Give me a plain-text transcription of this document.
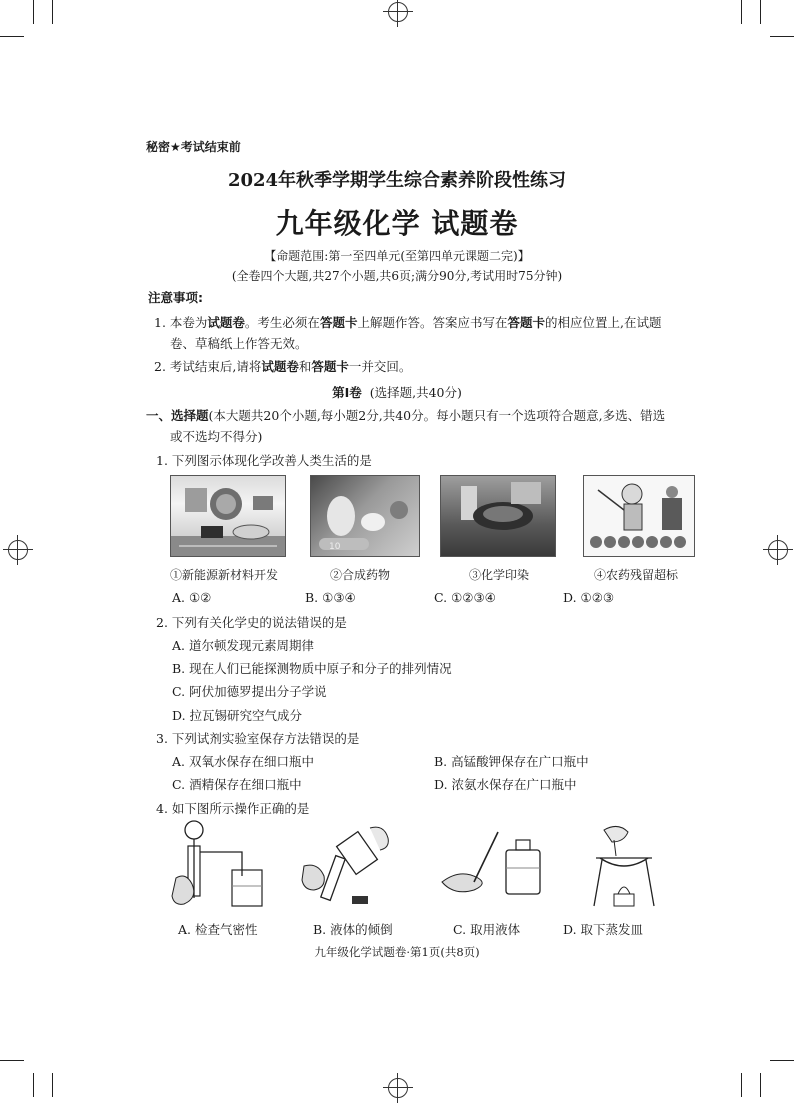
秘密★考试结束前
2024年秋季学期学生综合素养阶段性练习
九年级化学 试题卷
【命题范围:第一至四单元(至第四单元课题二完)】
(全卷四个大题,共27个小题,共6页;满分90分,考试用时75分钟)
注意事项:
1. 本卷为试题卷。考生必须在答题卡上解题作答。答案应书写在答题卡的相应位置上,在试题
卷、草稿纸上作答无效。
2. 考试结束后,请将试题卷和答题卡一并交回。
第Ⅰ卷 (选择题,共40分)
一、选择题(本大题共20个小题,每小题2分,共40分。每小题只有一个选项符合题意,多选、错选
或不选均不得分)
1. 下列图示体现化学改善人类生活的是
10
①新能源新材料开发	②合成药物	③化学印染	④农药残留超标
A. ①②	B. ①③④	C. ①②③④	D. ①②③
2. 下列有关化学史的说法错误的是
A. 道尔顿发现元素周期律
B. 现在人们已能探测物质中原子和分子的排列情况
C. 阿伏加德罗提出分子学说
D. 拉瓦锡研究空气成分
3. 下列试剂实验室保存方法错误的是
A. 双氧水保存在细口瓶中	B. 高锰酸钾保存在广口瓶中
C. 酒精保存在细口瓶中	D. 浓氨水保存在广口瓶中
4. 如下图所示操作正确的是
A. 检查气密性	B. 液体的倾倒	C. 取用液体	D. 取下蒸发皿
九年级化学试题卷·第1页(共8页)
